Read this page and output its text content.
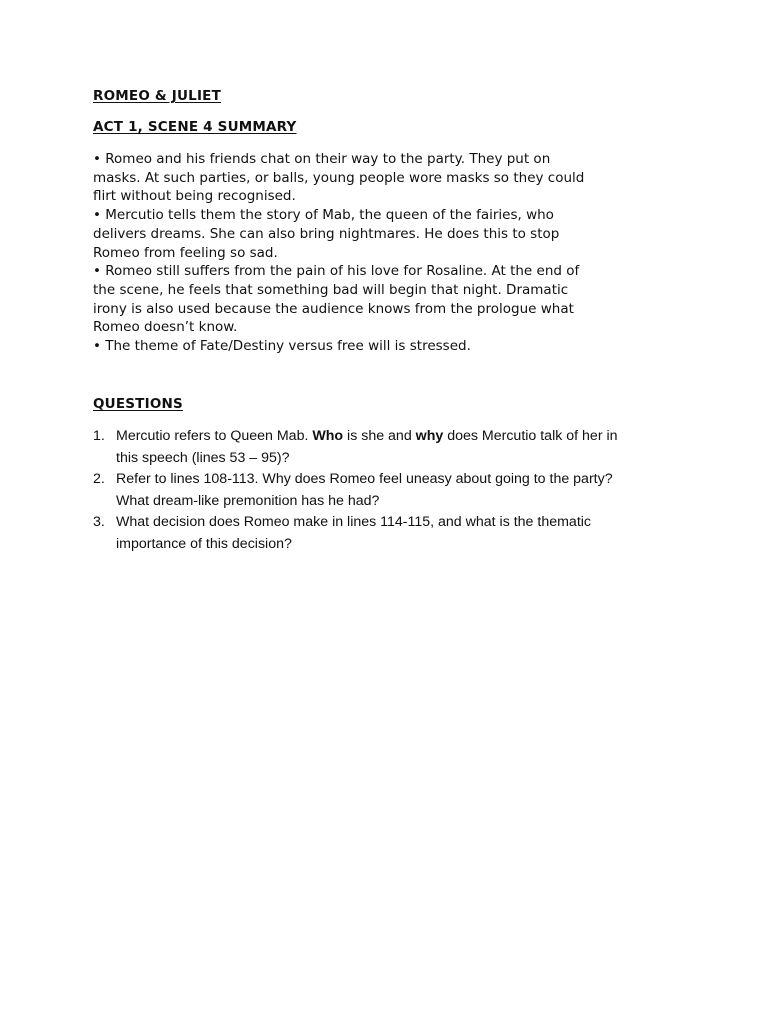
ROMEO & JULIET
ACT 1, SCENE 4 SUMMARY
• Romeo and his friends chat on their way to the party. They put on
masks. At such parties, or balls, young people wore masks so they could
flirt without being recognised.
• Mercutio tells them the story of Mab, the queen of the fairies, who
delivers dreams. She can also bring nightmares. He does this to stop
Romeo from feeling so sad.
• Romeo still suffers from the pain of his love for Rosaline. At the end of
the scene, he feels that something bad will begin that night. Dramatic
irony is also used because the audience knows from the prologue what
Romeo doesn’t know.
• The theme of Fate/Destiny versus free will is stressed.
QUESTIONS
1. Mercutio refers to Queen Mab. Who is she and why does Mercutio talk of her in
this speech (lines 53 – 95)?
2. Refer to lines 108-113. Why does Romeo feel uneasy about going to the party?
What dream-like premonition has he had?
3. What decision does Romeo make in lines 114-115, and what is the thematic
importance of this decision?
